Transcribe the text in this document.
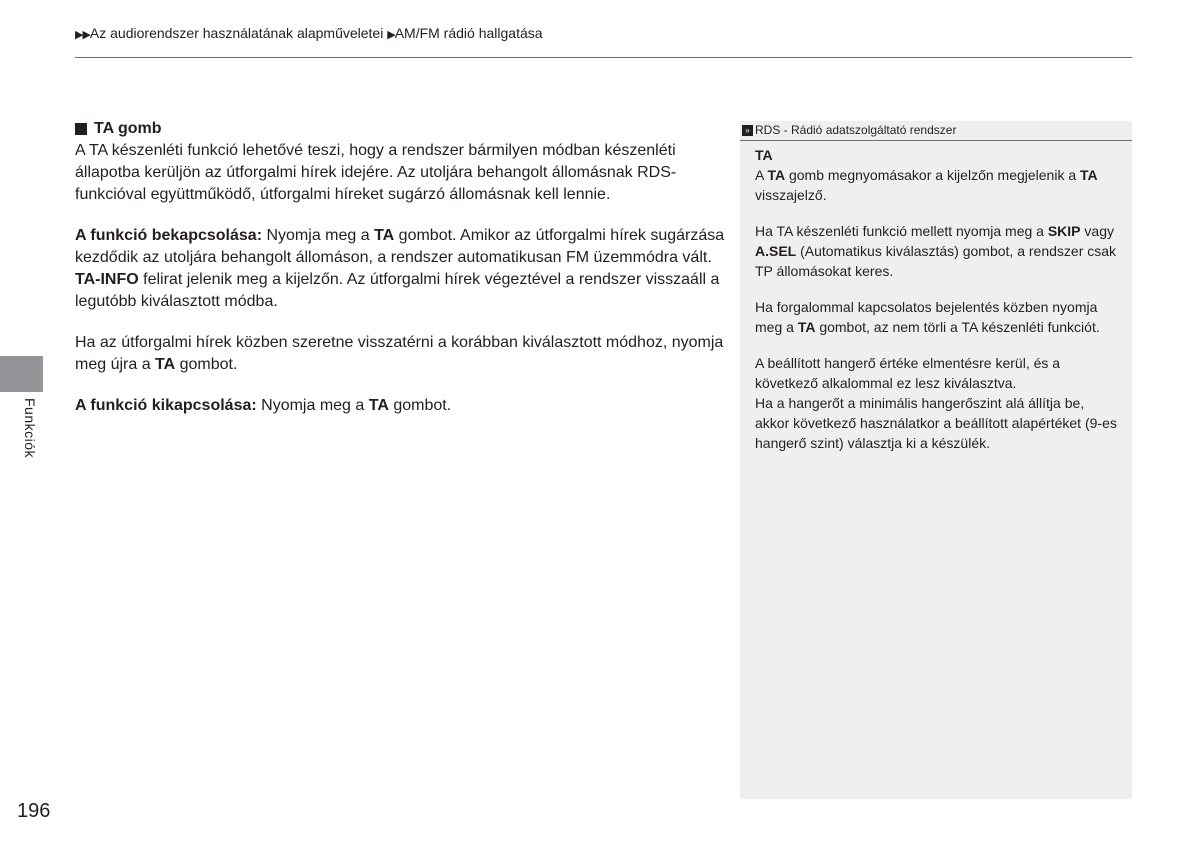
▶▶Az audiorendszer használatának alapműveletei ▶AM/FM rádió hallgatása
Funkciók
TA gomb

A TA készenléti funkció lehetővé teszi, hogy a rendszer bármilyen módban készenléti állapotba kerüljön az útforgalmi hírek idejére. Az utoljára behangolt állomásnak RDS-funkcióval együttműködő, útforgalmi híreket sugárzó állomásnak kell lennie.

A funkció bekapcsolása: Nyomja meg a TA gombot. Amikor az útforgalmi hírek sugárzása kezdődik az utoljára behangolt állomáson, a rendszer automatikusan FM üzemmódra vált. TA-INFO felirat jelenik meg a kijelzőn. Az útforgalmi hírek végeztével a rendszer visszaáll a legutóbb kiválasztott módba.

Ha az útforgalmi hírek közben szeretne visszatérni a korábban kiválasztott módhoz, nyomja meg újra a TA gombot.

A funkció kikapcsolása: Nyomja meg a TA gombot.

» RDS - Rádió adatszolgáltató rendszer
TA

A TA gomb megnyomásakor a kijelzőn megjelenik a TA visszajelző.

Ha TA készenléti funkció mellett nyomja meg a SKIP vagy A.SEL (Automatikus kiválasztás) gombot, a rendszer csak TP állomásokat keres.

Ha forgalommal kapcsolatos bejelentés közben nyomja meg a TA gombot, az nem törli a TA készenléti funkciót.

A beállított hangerő értéke elmentésre kerül, és a következő alkalommal ez lesz kiválasztva.

Ha a hangerőt a minimális hangerőszint alá állítja be, akkor következő használatkor a beállított alapértéket (9-es hangerő szint) választja ki a készülék.

196
